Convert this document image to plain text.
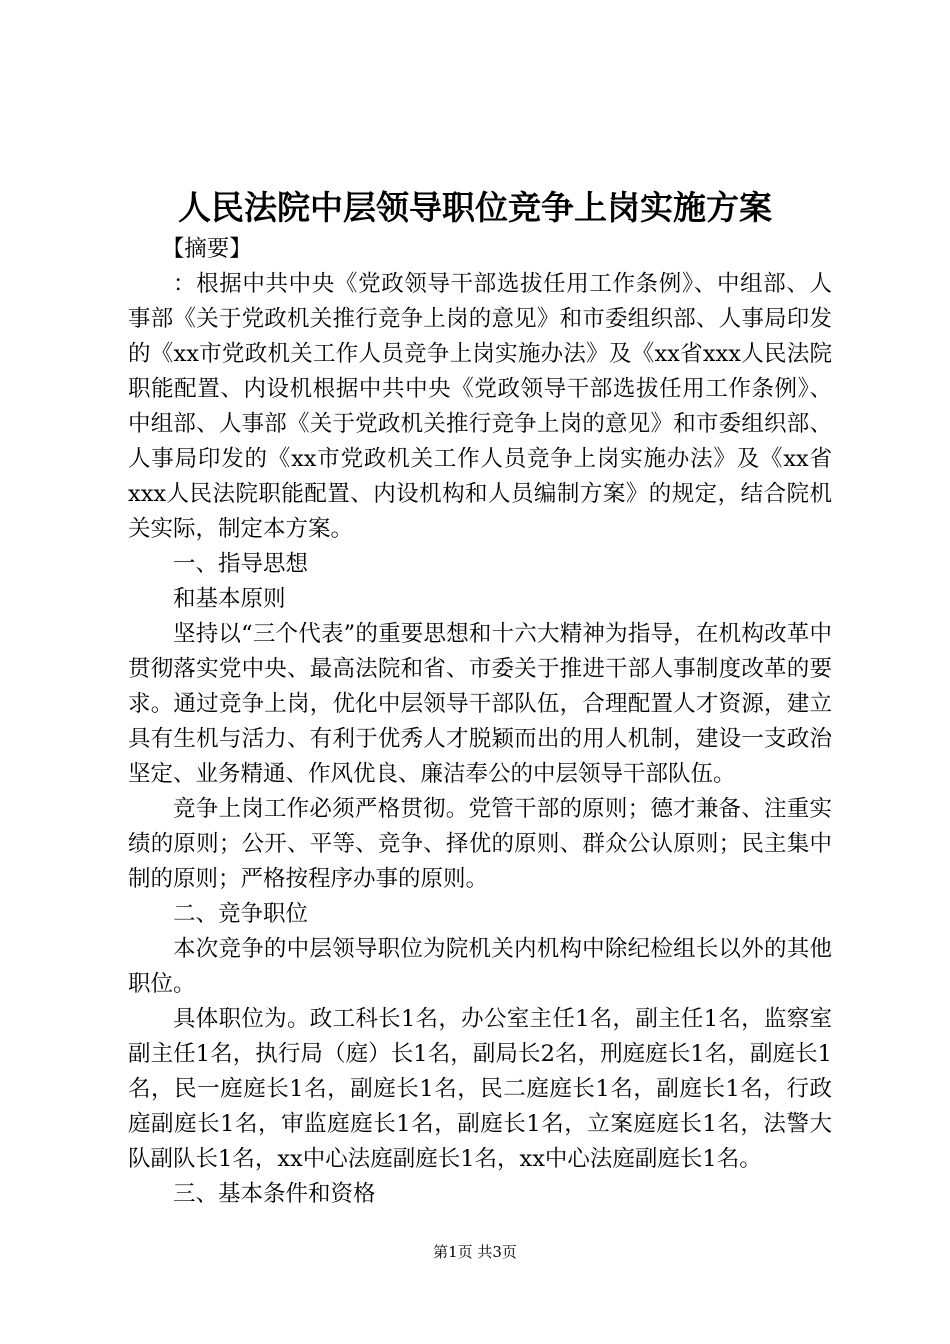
人民法院中层领导职位竞争上岗实施方案

【摘要】

：根据中共中央《党政领导干部选拔任用工作条例》、中组部、人事部《关于党政机关推行竞争上岗的意见》和市委组织部、人事局印发的《xx市党政机关工作人员竞争上岗实施办法》及《xx省xxx人民法院职能配置、内设机根据中共中央《党政领导干部选拔任用工作条例》、中组部、人事部《关于党政机关推行竞争上岗的意见》和市委组织部、人事局印发的《xx市党政机关工作人员竞争上岗实施办法》及《xx省xxx人民法院职能配置、内设机构和人员编制方案》的规定，结合院机关实际，制定本方案。

一、指导思想

和基本原则

坚持以“三个代表”的重要思想和十六大精神为指导，在机构改革中贯彻落实党中央、最高法院和省、市委关于推进干部人事制度改革的要求。通过竞争上岗，优化中层领导干部队伍，合理配置人才资源，建立具有生机与活力、有利于优秀人才脱颖而出的用人机制，建设一支政治坚定、业务精通、作风优良、廉洁奉公的中层领导干部队伍。

竞争上岗工作必须严格贯彻。党管干部的原则；德才兼备、注重实绩的原则；公开、平等、竞争、择优的原则、群众公认原则；民主集中制的原则；严格按程序办事的原则。

二、竞争职位

本次竞争的中层领导职位为院机关内机构中除纪检组长以外的其他职位。

具体职位为。政工科长1名，办公室主任1名，副主任1名，监察室副主任1名，执行局（庭）长1名，副局长2名，刑庭庭长1名，副庭长1名，民一庭庭长1名，副庭长1名，民二庭庭长1名，副庭长1名，行政庭副庭长1名，审监庭庭长1名，副庭长1名，立案庭庭长1名，法警大队副队长1名，xx中心法庭副庭长1名，xx中心法庭副庭长1名。

三、基本条件和资格

第1页 共3页
